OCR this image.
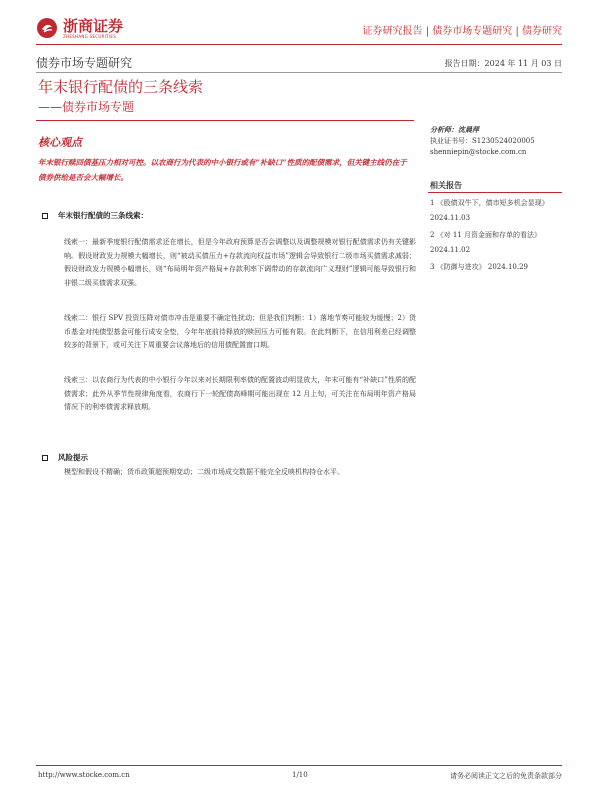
浙商证券
ZHESHANG SECURITIES	证券研究报告 | 债券市场专题研究 | 债券研究
债券市场专题研究	报告日期：2024 年 11 月 03 日
年末银行配债的三条线索
——债券市场专题
分析师：沈晨萍
执业证书号：S1230524020005
shenniepin@stocke.com.cn
相关报告
1 《股债双牛下，债市短多机会显现》 2024.11.03
2 《对 11 月资金面和存单的看法》 2024.11.02
3 《防御与进攻》 2024.10.29
核心观点
年末银行赎回债基压力相对可控。以农商行为代表的中小银行或有“补缺口”性质的配债需求，但关键主线仍在于债券供给是否会大幅增长。
年末银行配债的三条线索：
线索一：最新季度银行配债需求还在增长，但是今年政府预算是否会调整以及调整规模对银行配债需求仍有关键影响。假设财政发力规模大幅增长，则“被动买债压力+存款流向权益市场”逻辑会导致银行二级市场买债需求减弱；假设财政发力规模小幅增长，则“布局明年资产格局+存款利率下调带动的存款流向广义理财”逻辑可能导致银行和非银二级买债需求双强。
线索二：银行 SPV 投资压降对债市冲击是重要不确定性扰动；但是我们判断：1）落地节奏可能较为缓慢；2）货币基金对纯债型基金可能行成安全垫，今年年底前待释放的赎回压力可能有限。在此判断下，在信用利差已经调整较多的背景下，或可关注下周重要会议落地后的信用债配置窗口期。
线索三：以农商行为代表的中小银行今年以来对长期限利率债的配置波动明显放大，年末可能有“补缺口”性质的配债需求；此外从季节性规律角度看，农商行下一轮配债高峰期可能出现在 12 月上旬，可关注在布局明年资产格局情况下的利率债需求释放期。
风险提示
模型和假设不精确；货币政策超预期变动；二级市场成交数据不能完全反映机构持仓水平。
http://www.stocke.com.cn	1/10	请务必阅读正文之后的免责条款部分
